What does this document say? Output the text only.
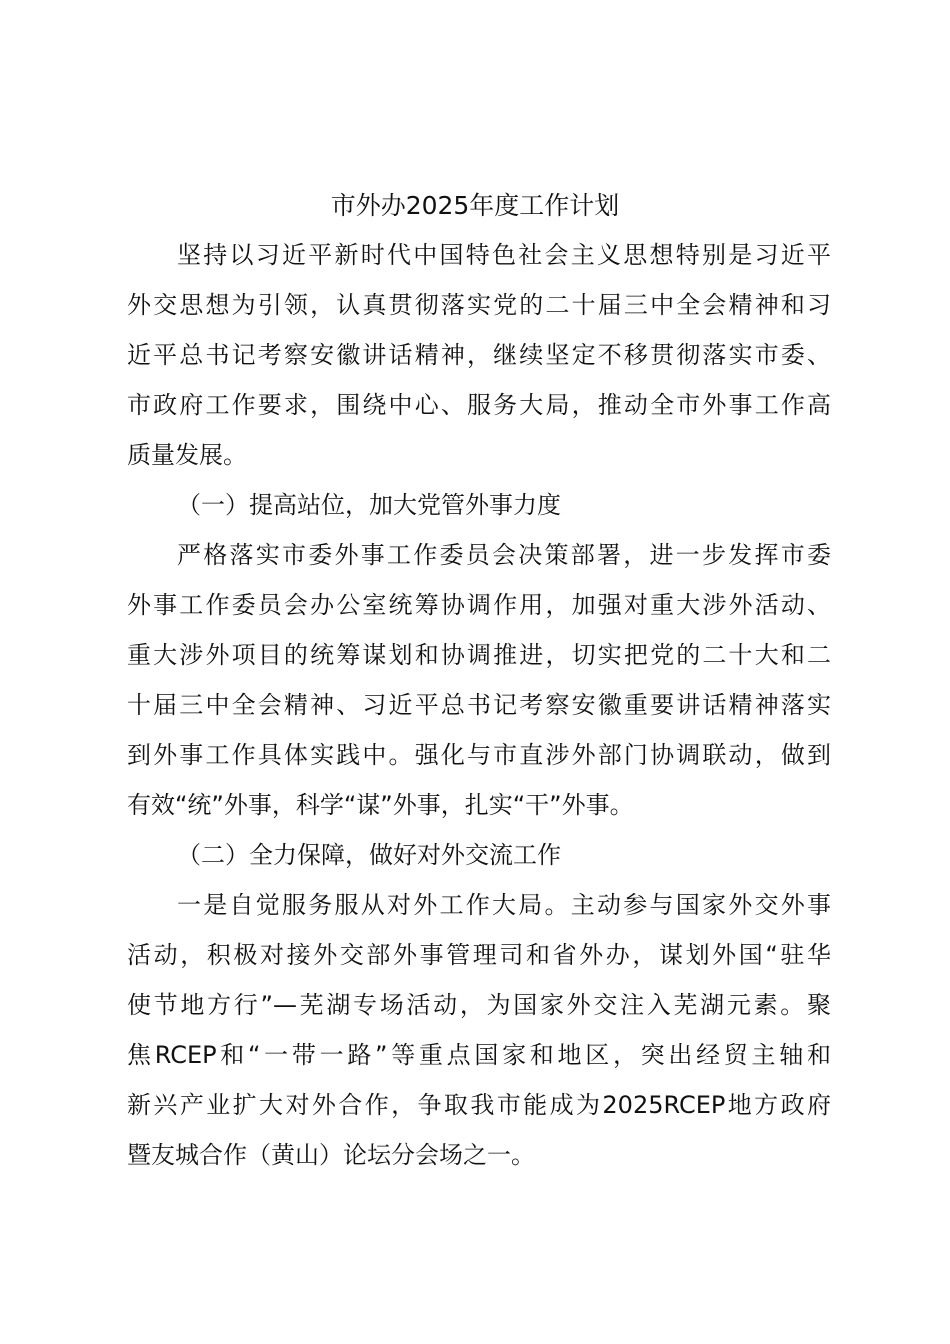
市外办2025年度工作计划
坚持以习近平新时代中国特色社会主义思想特别是习近平
外交思想为引领，认真贯彻落实党的二十届三中全会精神和习
近平总书记考察安徽讲话精神，继续坚定不移贯彻落实市委、
市政府工作要求，围绕中心、服务大局，推动全市外事工作高
质量发展。
（一）提高站位，加大党管外事力度
严格落实市委外事工作委员会决策部署，进一步发挥市委
外事工作委员会办公室统筹协调作用，加强对重大涉外活动、
重大涉外项目的统筹谋划和协调推进，切实把党的二十大和二
十届三中全会精神、习近平总书记考察安徽重要讲话精神落实
到外事工作具体实践中。强化与市直涉外部门协调联动，做到
有效“统”外事，科学“谋”外事，扎实“干”外事。
（二）全力保障，做好对外交流工作
一是自觉服务服从对外工作大局。主动参与国家外交外事
活动，积极对接外交部外事管理司和省外办，谋划外国“驻华
使节地方行”—芜湖专场活动，为国家外交注入芜湖元素。聚
焦RCEP和“一带一路”等重点国家和地区，突出经贸主轴和
新兴产业扩大对外合作，争取我市能成为2025RCEP地方政府
暨友城合作（黄山）论坛分会场之一。
